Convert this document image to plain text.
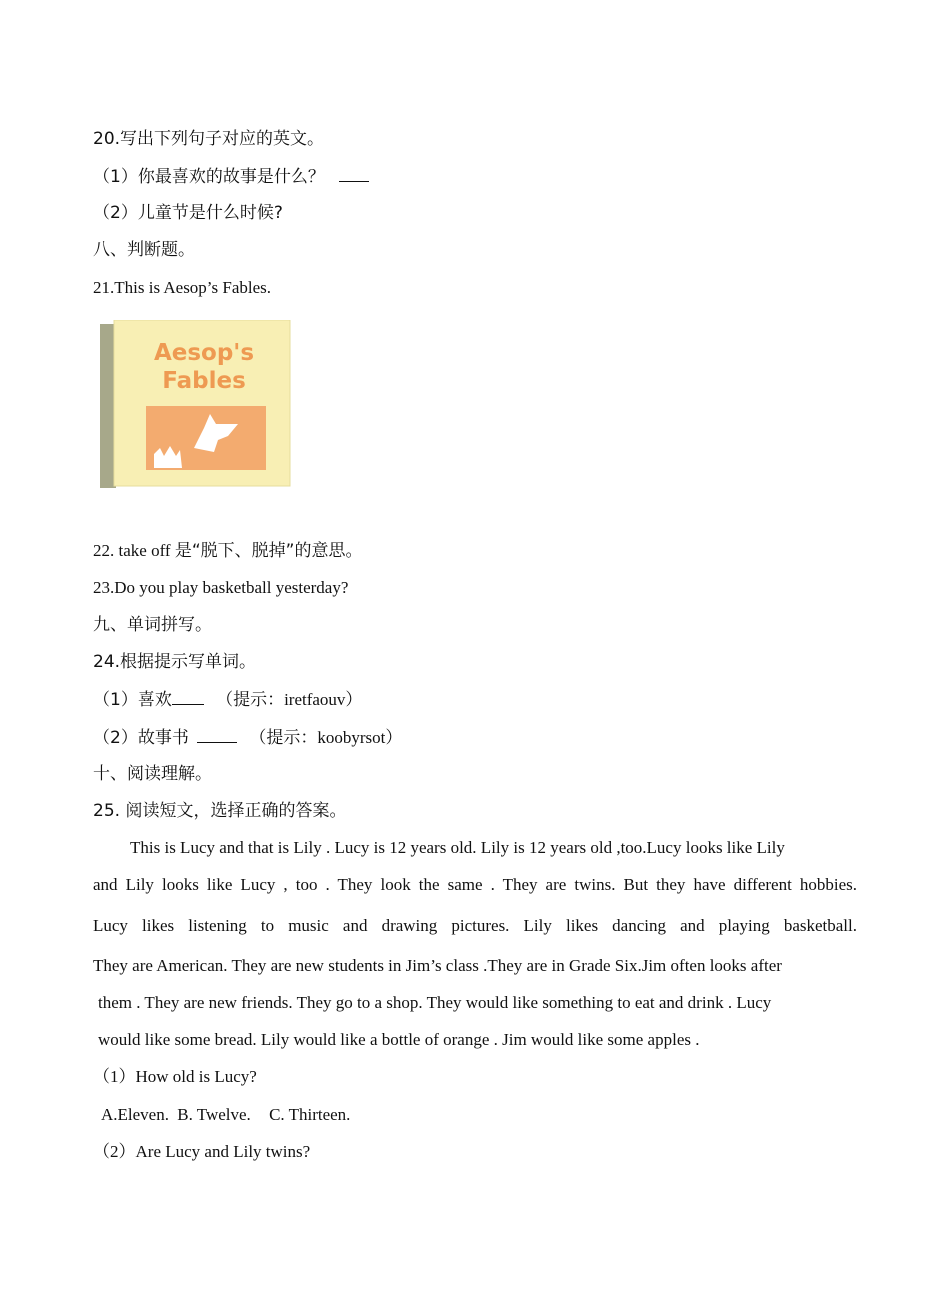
20.写出下列句子对应的英文。
（1）你最喜欢的故事是什么？
（2）儿童节是什么时候?
八、判断题。
21.This is Aesop’s Fables.
Aesop's
Fables
22. take off 是“脱下、脱掉”的意思。
23.Do you play basketball yesterday?
九、单词拼写。
24.根据提示写单词。
（1）喜欢	（提示：iretfaouv）
（2）故事书	（提示：koobyrsot）
十、阅读理解。
25. 阅读短文，选择正确的答案。
This is Lucy and that is Lily . Lucy is 12 years old. Lily is 12 years old ,too.Lucy looks like Lily
and Lily looks like Lucy , too . They look the same . They are twins. But they have different hobbies.
Lucy likes listening to music and drawing pictures. Lily likes dancing and playing basketball.
They are American. They are new students in Jim’s class .They are in Grade Six.Jim often looks after
them . They are new friends. They go to a shop. They would like something to eat and drink . Lucy
would like some bread. Lily would like a bottle of orange . Jim would like some apples .
（1）How old is Lucy?
A.Eleven. B. Twelve. C. Thirteen.
（2）Are Lucy and Lily twins?
